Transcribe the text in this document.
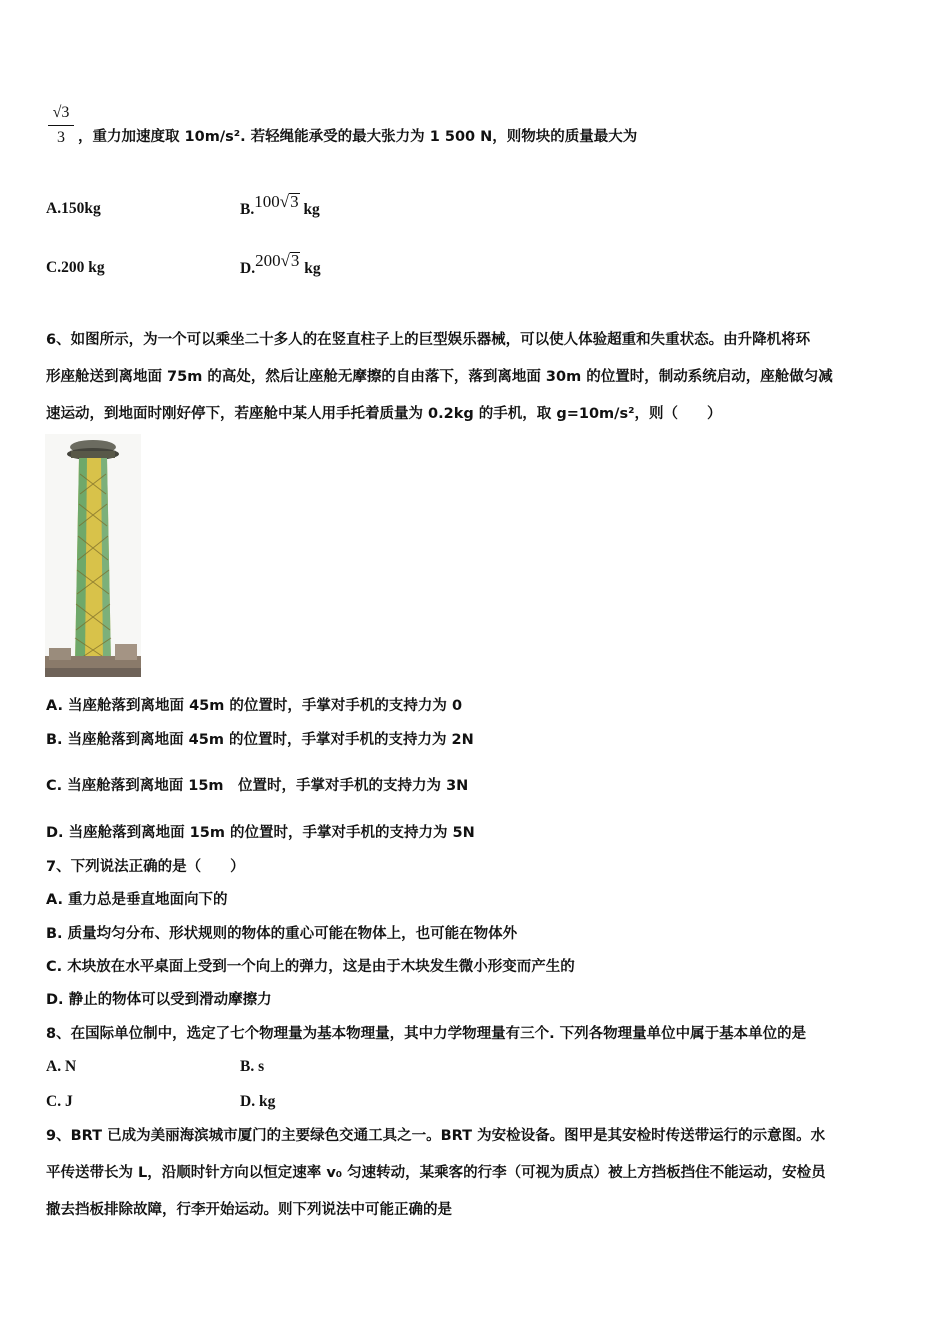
√3
3 ，重力加速度取 10m/s². 若轻绳能承受的最大张力为 1 500 N，则物块的质量最大为
A.150kg	B.100√3 kg
C.200 kg	D.200√3 kg
6、如图所示，为一个可以乘坐二十多人的在竖直柱子上的巨型娱乐器械，可以使人体验超重和失重状态。由升降机将环
形座舱送到离地面 75m 的高处，然后让座舱无摩擦的自由落下，落到离地面 30m 的位置时，制动系统启动，座舱做匀减
速运动，到地面时刚好停下，若座舱中某人用手托着质量为 0.2kg 的手机，取 g=10m/s²，则（　　）
A. 当座舱落到离地面 45m 的位置时，手掌对手机的支持力为 0
B. 当座舱落到离地面 45m 的位置时，手掌对手机的支持力为 2N
C. 当座舱落到离地面 15m　位置时，手掌对手机的支持力为 3N
D. 当座舱落到离地面 15m 的位置时，手掌对手机的支持力为 5N
7、下列说法正确的是（　　）
A. 重力总是垂直地面向下的
B. 质量均匀分布、形状规则的物体的重心可能在物体上，也可能在物体外
C. 木块放在水平桌面上受到一个向上的弹力，这是由于木块发生微小形变而产生的
D. 静止的物体可以受到滑动摩擦力
8、在国际单位制中，选定了七个物理量为基本物理量，其中力学物理量有三个. 下列各物理量单位中属于基本单位的是
A. N	B. s
C. J	D. kg
9、BRT 已成为美丽海滨城市厦门的主要绿色交通工具之一。BRT 为安检设备。图甲是其安检时传送带运行的示意图。水
平传送带长为 L，沿顺时针方向以恒定速率 v₀ 匀速转动，某乘客的行李（可视为质点）被上方挡板挡住不能运动，安检员
撤去挡板排除故障，行李开始运动。则下列说法中可能正确的是
